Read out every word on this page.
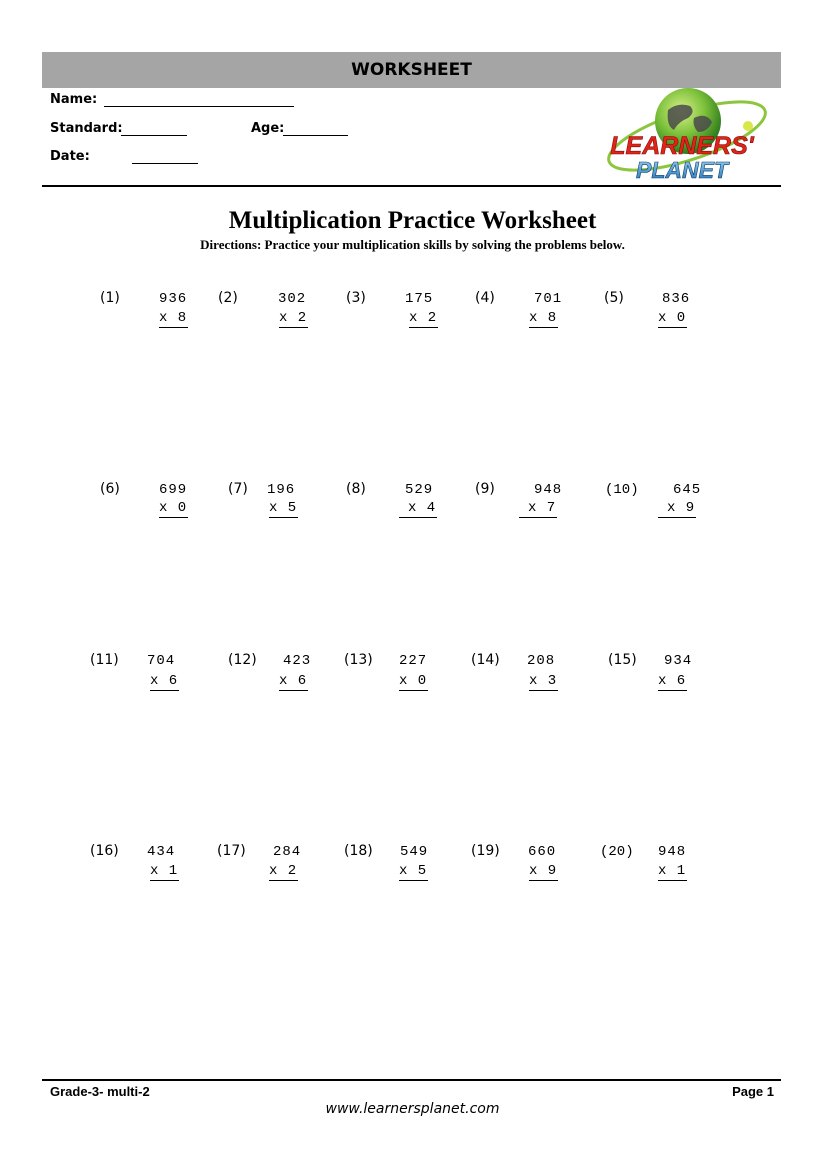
WORKSHEET
Name:
Standard:	Age:
Date:	LEARNERS'
PLANET
Multiplication Practice Worksheet
Directions: Practice your multiplication skills by solving the problems below.
(1)	936
x 8
(2)	302
x 2
(3)	175
x 2
(4)	701
x 8
(5)	836
x 0
(6)	699
x 0
(7) 196
x 5
(8)	529
x 4
(9)	948
x 7
(10) 645
x 9
(11) 704
x 6
(12) 423
x 6
(13) 227
x 0
(14) 208
x 3
(15) 934
x 6
(16) 434
x 1
(17) 284
x 2
(18) 549
x 5
(19) 660
x 9
(20) 948
x 1
Grade-3- multi-2	Page 1
www.learnersplanet.com
